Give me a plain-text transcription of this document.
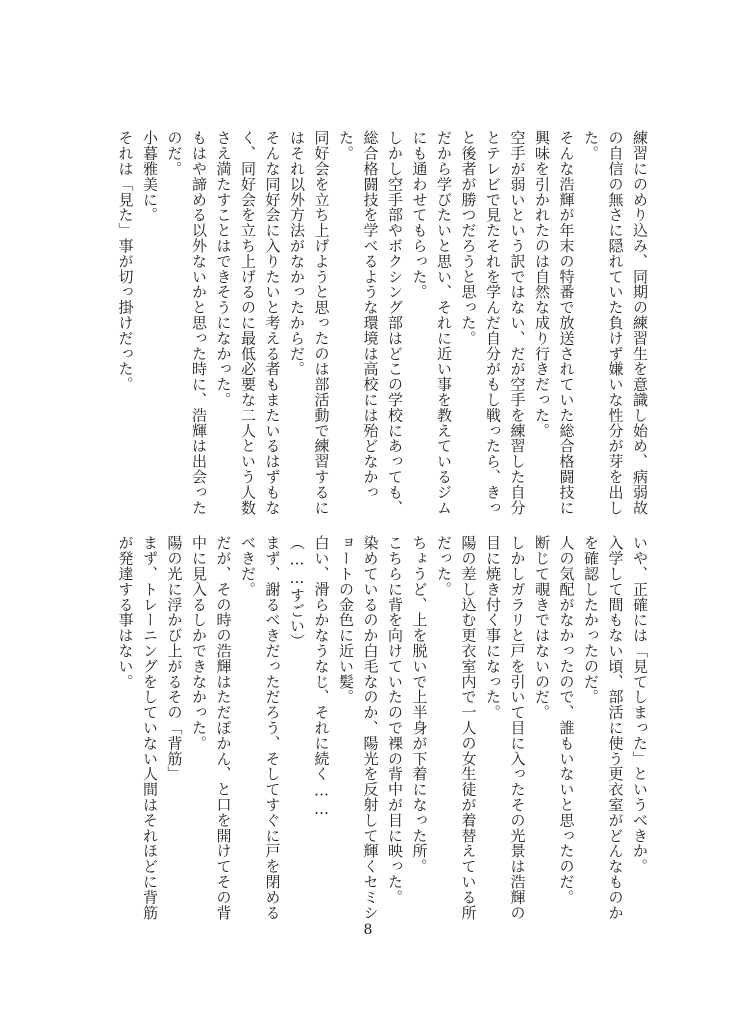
練習にのめり込み、同期の練習生を意識し始め、病弱故
の自信の無さに隠れていた負けず嫌いな性分が芽を出し
た。
そんな浩輝が年末の特番で放送されていた総合格闘技に
興味を引かれたのは自然な成り行きだった。
空手が弱いという訳ではない、だが空手を練習した自分
とテレビで見たそれを学んだ自分がもし戦ったら、きっ
と後者が勝つだろうと思った。
だから学びたいと思い、それに近い事を教えているジム
にも通わせてもらった。
しかし空手部やボクシング部はどこの学校にあっても、
総合格闘技を学べるような環境は高校には殆どなかっ
た。
同好会を立ち上げようと思ったのは部活動で練習するに
はそれ以外方法がなかったからだ。
そんな同好会に入りたいと考える者もまたいるはずもな
く、同好会を立ち上げるのに最低必要な二人という人数
さえ満たすことはできそうになかった。
もはや諦める以外ないかと思った時に、浩輝は出会った
のだ。
小暮雅美に。
それは「見た」事が切っ掛けだった。
いや、正確には「見てしまった」というべきか。
入学して間もない頃、部活に使う更衣室がどんなものか
を確認したかったのだ。
人の気配がなかったので、誰もいないと思ったのだ。
断じて覗きではないのだ。
しかしガラリと戸を引いて目に入ったその光景は浩輝の
目に焼き付く事になった。
陽の差し込む更衣室内で一人の女生徒が着替えている所
だった。
ちょうど、上を脱いで上半身が下着になった所。
こちらに背を向けていたので裸の背中が目に映った。
染めているのか白毛なのか、陽光を反射して輝くセミシ
ョートの金色に近い髪。
白い、滑らかなうなじ、それに続く……
（……すごい）
まず、謝るべきだっただろう、そしてすぐに戸を閉める
べきだ。
だが、その時の浩輝はただぽかん、と口を開けてその背
中に見入るしかできなかった。
陽の光に浮かび上がるその「背筋」
まず、トレーニングをしていない人間はそれほどに背筋
が発達する事はない。
8
